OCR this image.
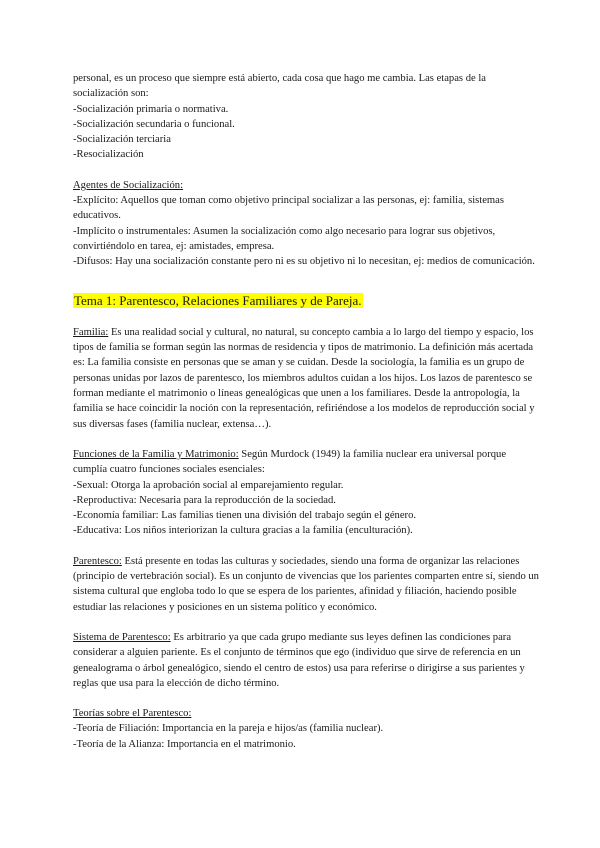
personal, es un proceso que siempre está abierto, cada cosa que hago me cambia. Las etapas de la socialización son:

-Socialización primaria o normativa.

-Socialización secundaria o funcional.

-Socialización terciaria

-Resocialización

Agentes de Socialización:

-Explícito: Aquellos que toman como objetivo principal socializar a las personas, ej: familia, sistemas educativos.

-Implícito o instrumentales: Asumen la socialización como algo necesario para lograr sus objetivos, convirtiéndolo en tarea, ej: amistades, empresa.

-Difusos: Hay una socialización constante pero ni es su objetivo ni lo necesitan, ej: medios de comunicación.

Tema 1: Parentesco, Relaciones Familiares y de Pareja.

Familia: Es una realidad social y cultural, no natural, su concepto cambia a lo largo del tiempo y espacio, los tipos de familia se forman según las normas de residencia y tipos de matrimonio. La definición más acertada es: La familia consiste en personas que se aman y se cuidan. Desde la sociología, la familia es un grupo de personas unidas por lazos de parentesco, los miembros adultos cuidan a los hijos. Los lazos de parentesco se forman mediante el matrimonio o líneas genealógicas que unen a los familiares. Desde la antropología, la familia se hace coincidir la noción con la representación, refiriéndose a los modelos de reproducción social y sus diversas fases (familia nuclear, extensa…).

Funciones de la Familia y Matrimonio: Según Murdock (1949) la familia nuclear era universal porque cumplía cuatro funciones sociales esenciales:

-Sexual: Otorga la aprobación social al emparejamiento regular.

-Reproductiva: Necesaria para la reproducción de la sociedad.

-Economía familiar: Las familias tienen una división del trabajo según el género.

-Educativa: Los niños interiorizan la cultura gracias a la familia (enculturación).

Parentesco: Está presente en todas las culturas y sociedades, siendo una forma de organizar las relaciones (principio de vertebración social). Es un conjunto de vivencias que los parientes comparten entre sí, siendo un sistema cultural que engloba todo lo que se espera de los parientes, afinidad y filiación, haciendo posible estudiar las relaciones y posiciones en un sistema político y económico.

Sistema de Parentesco: Es arbitrario ya que cada grupo mediante sus leyes definen las condiciones para considerar a alguien pariente. Es el conjunto de términos que ego (individuo que sirve de referencia en un genealograma o árbol genealógico, siendo el centro de estos) usa para referirse o dirigirse a sus parientes y reglas que usa para la elección de dicho término.

Teorías sobre el Parentesco:

-Teoría de Filiación: Importancia en la pareja e hijos/as (familia nuclear).

-Teoría de la Alianza: Importancia en el matrimonio.
